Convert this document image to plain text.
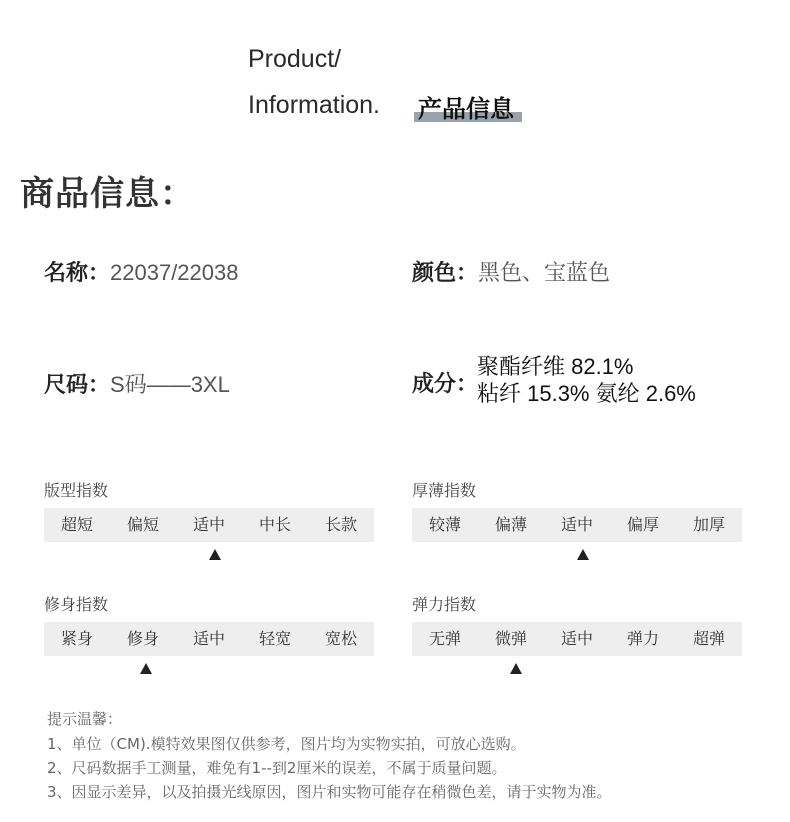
Product/
Information. 产品信息
商品信息：
名称：22037/22038	颜色：黑色、宝蓝色
尺码：S码——3XL	成分：
聚酯纤维 82.1%
粘纤 15.3% 氨纶 2.6%
版型指数
超短	偏短	适中	中长	长款
厚薄指数
较薄	偏薄	适中	偏厚	加厚
修身指数
紧身	修身	适中	轻宽	宽松
弹力指数
无弹	微弹	适中	弹力	超弹
提示温馨：
1、单位（CM).模特效果图仅供参考，图片均为实物实拍，可放心选购。
2、尺码数据手工测量，难免有1--到2厘米的误差，不属于质量问题。
3、因显示差异，以及拍摄光线原因，图片和实物可能存在稍微色差，请于实物为准。
